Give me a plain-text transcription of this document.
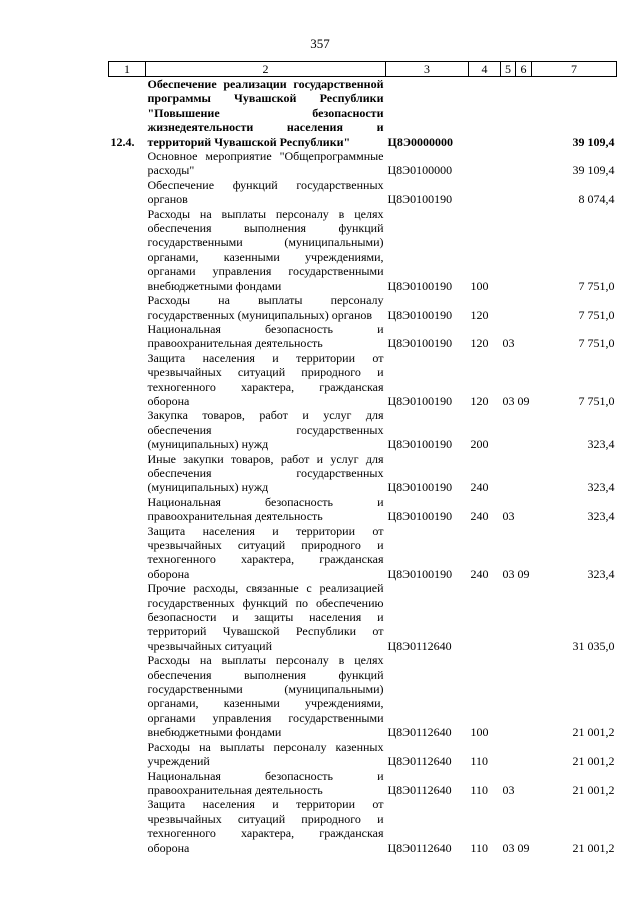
357
1	2	3	4	5	6	7
12.4.	Обеспечение реализации государственной программы Чувашской Республики "Повышение безопасности жизнедеятельности населения и территорий Чувашской Республики"	Ц8Э0000000				39 109,4
	Основное мероприятие "Общепрограммные расходы"	Ц8Э0100000				39 109,4
	Обеспечение функций государственных органов	Ц8Э0100190				8 074,4
	Расходы на выплаты персоналу в целях обеспечения выполнения функций государственными (муниципальными) органами, казенными учреждениями, органами управления государственными внебюджетными фондами	Ц8Э0100190	100			7 751,0
	Расходы на выплаты персоналу государственных (муниципальных) органов	Ц8Э0100190	120			7 751,0
	Национальная безопасность и правоохранительная деятельность	Ц8Э0100190	120	03		7 751,0
	Защита населения и территории от чрезвычайных ситуаций природного и техногенного характера, гражданская оборона	Ц8Э0100190	120	03	09	7 751,0
	Закупка товаров, работ и услуг для обеспечения государственных (муниципальных) нужд	Ц8Э0100190	200			323,4
	Иные закупки товаров, работ и услуг для обеспечения государственных (муниципальных) нужд	Ц8Э0100190	240			323,4
	Национальная безопасность и правоохранительная деятельность	Ц8Э0100190	240	03		323,4
	Защита населения и территории от чрезвычайных ситуаций природного и техногенного характера, гражданская оборона	Ц8Э0100190	240	03	09	323,4
	Прочие расходы, связанные с реализацией государственных функций по обеспечению безопасности и защиты населения и территорий Чувашской Республики от чрезвычайных ситуаций	Ц8Э0112640				31 035,0
	Расходы на выплаты персоналу в целях обеспечения выполнения функций государственными (муниципальными) органами, казенными учреждениями, органами управления государственными внебюджетными фондами	Ц8Э0112640	100			21 001,2
	Расходы на выплаты персоналу казенных учреждений	Ц8Э0112640	110			21 001,2
	Национальная безопасность и правоохранительная деятельность	Ц8Э0112640	110	03		21 001,2
	Защита населения и территории от чрезвычайных ситуаций природного и техногенного характера, гражданская оборона	Ц8Э0112640	110	03	09	21 001,2
